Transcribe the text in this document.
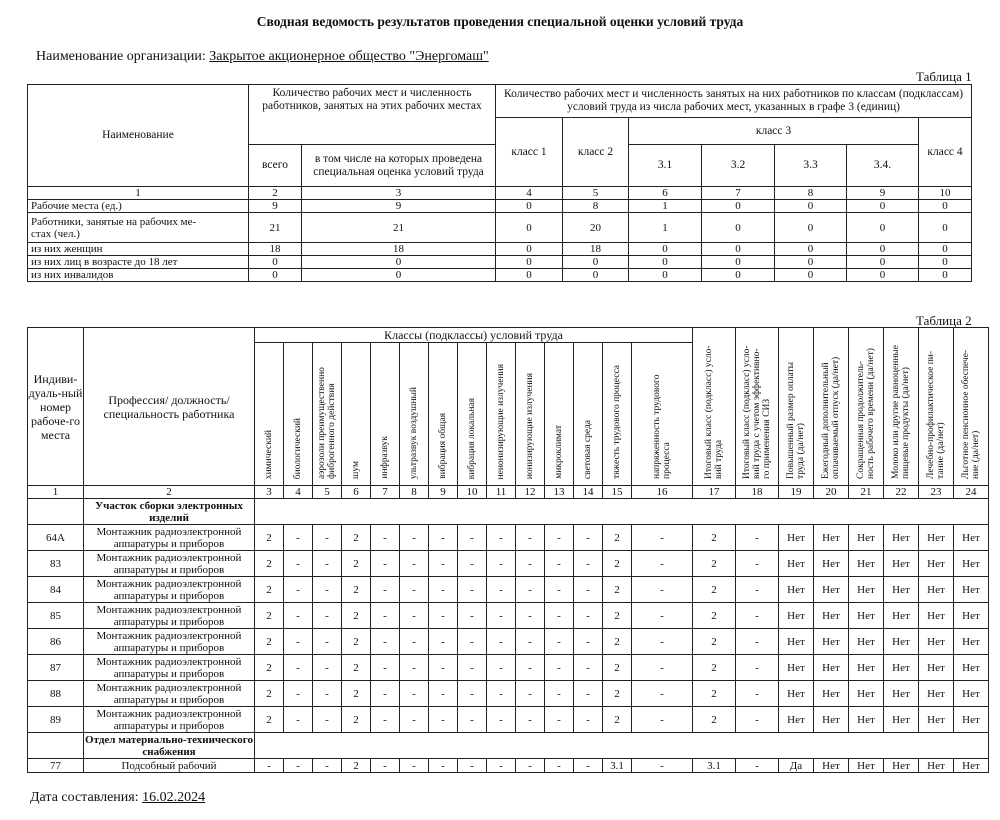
Сводная ведомость результатов проведения специальной оценки условий труда
Наименование организации: Закрытое акционерное общество "Энергомаш"
Таблица 1
Наименование	Количество рабочих мест и численность работников, занятых на этих рабочих местах		Количество рабочих мест и численность занятых на них работников по классам (подклассам) условий труда из числа рабочих мест, указанных в графе 3 (единиц)						
			класс 1	класс 2	класс 3				класс 4
	всего	в том числе на которых проведена специальная оценка условий труда			3.1	3.2	3.3	3.4.	
1	2	3	4	5	6	7	8	9	10
Рабочие места (ед.)	9	9	0	8	1	0	0	0	0
Работники, занятые на рабочих ме-
стах (чел.)	21	21	0	20	1	0	0	0	0
из них женщин	18	18	0	18	0	0	0	0	0
из них лиц в возрасте до 18 лет	0	0	0	0	0	0	0	0	0
из них инвалидов	0	0	0	0	0	0	0	0	0
Таблица 2
Индиви-дуаль-ный номер рабоче-го места	Профессия/ должность/ специальность работника	Классы (подклассы) условий труда														Итоговый класс (подкласс) усло-вий труда	Итоговый класс (подкласс) усло-вий труда с учетом эффективно-го применения СИЗ	Повышенный размер оплаты труда (да/нет)	Ежегодный дополнительный оплачиваемый отпуск (да/нет)	Сокращенная продолжитель-ность рабочего времени (да/нет)	Молоко или другие равноценные пищевые продукты (да/нет)	Лечебно-профилактическое пи-тание (да/нет)	Льготное пенсионное обеспече-ние (да/нет)

		химический	биологический	аэрозоли преимущественно фиброгенного действия	шум	инфразвук	ультразвук воздушный	вибрация общая	вибрация локальная	неионизирующие излучения	ионизирующие излучения	микроклимат	световая среда	тяжесть трудового процесса	напряженность трудового процесса								

1	2	3	4	5	6	7	8	9	10	11	12	13	14	15	16	17	18	19	20	21	22	23	24
	Участок сборки электронных изделий																						
64А	Монтажник радиоэлектронной
аппаратуры и приборов	2	-	-	2	-	-	-	-	-	-	-	-	2	-	2	-	Нет	Нет	Нет	Нет	Нет	Нет
83	Монтажник радиоэлектронной
аппаратуры и приборов	2	-	-	2	-	-	-	-	-	-	-	-	2	-	2	-	Нет	Нет	Нет	Нет	Нет	Нет
84	Монтажник радиоэлектронной
аппаратуры и приборов	2	-	-	2	-	-	-	-	-	-	-	-	2	-	2	-	Нет	Нет	Нет	Нет	Нет	Нет
85	Монтажник радиоэлектронной
аппаратуры и приборов	2	-	-	2	-	-	-	-	-	-	-	-	2	-	2	-	Нет	Нет	Нет	Нет	Нет	Нет
86	Монтажник радиоэлектронной
аппаратуры и приборов	2	-	-	2	-	-	-	-	-	-	-	-	2	-	2	-	Нет	Нет	Нет	Нет	Нет	Нет
87	Монтажник радиоэлектронной
аппаратуры и приборов	2	-	-	2	-	-	-	-	-	-	-	-	2	-	2	-	Нет	Нет	Нет	Нет	Нет	Нет
88	Монтажник радиоэлектронной
аппаратуры и приборов	2	-	-	2	-	-	-	-	-	-	-	-	2	-	2	-	Нет	Нет	Нет	Нет	Нет	Нет
89	Монтажник радиоэлектронной
аппаратуры и приборов	2	-	-	2	-	-	-	-	-	-	-	-	2	-	2	-	Нет	Нет	Нет	Нет	Нет	Нет
	Отдел материально-технического снабжения																						
77	Подсобный рабочий	-	-	-	2	-	-	-	-	-	-	-	-	3.1	-	3.1	-	Да	Нет	Нет	Нет	Нет	Нет
Дата составления: 16.02.2024
